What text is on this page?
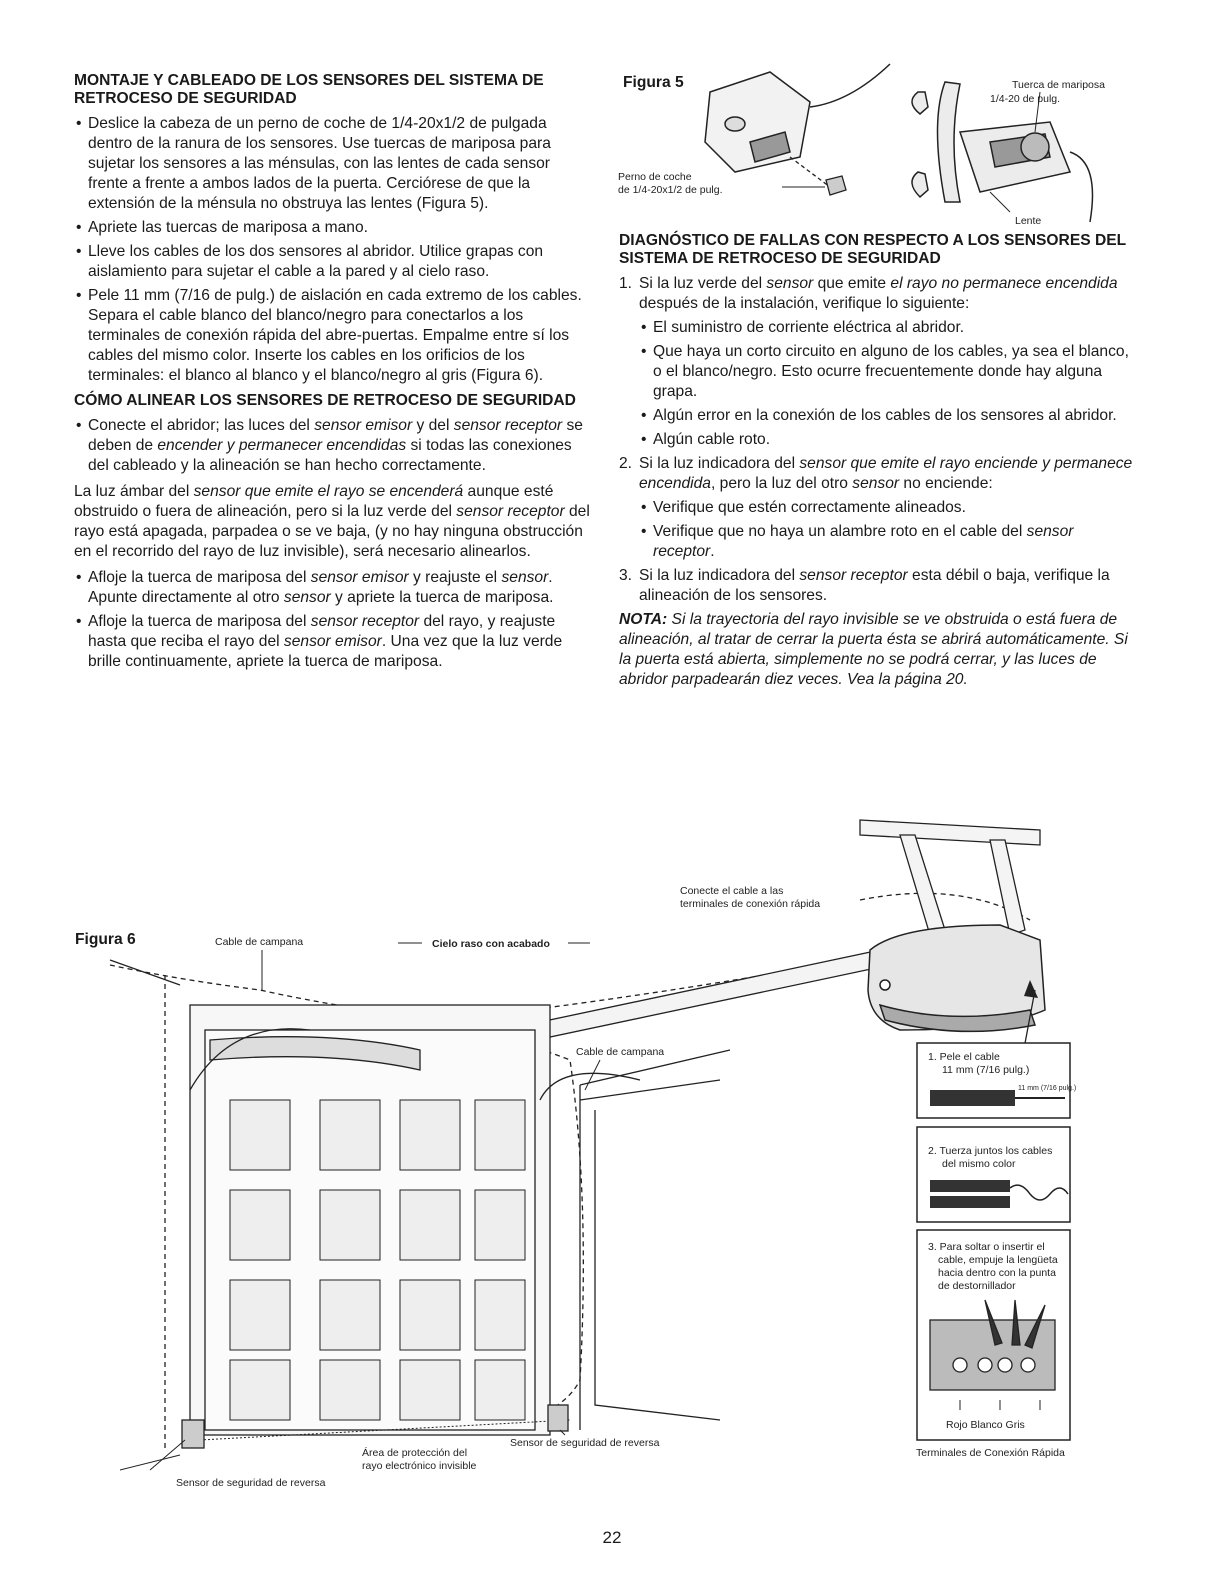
MONTAJE Y CABLEADO DE LOS SENSORES DEL SISTEMA DE RETROCESO DE SEGURIDAD
• Deslice la cabeza de un perno de coche de 1/4-20x1/2 de pulgada dentro de la ranura de los sensores. Use tuercas de mariposa para sujetar los sensores a las ménsulas, con las lentes de cada sensor frente a frente a ambos lados de la puerta. Cerciórese de que la extensión de la ménsula no obstruya las lentes (Figura 5).
• Apriete las tuercas de mariposa a mano.
• Lleve los cables de los dos sensores al abridor. Utilice grapas con aislamiento para sujetar el cable a la pared y al cielo raso.
• Pele 11 mm (7/16 de pulg.) de aislación en cada extremo de los cables. Separa el cable blanco del blanco/negro para conectarlos a los terminales de conexión rápida del abre-puertas. Empalme entre sí los cables del mismo color. Inserte los cables en los orificios de los terminales: el blanco al blanco y el blanco/negro al gris (Figura 6).
CÓMO ALINEAR LOS SENSORES DE RETROCESO DE SEGURIDAD
• Conecte el abridor; las luces del sensor emisor y del sensor receptor se deben de encender y permanecer encendidas si todas las conexiones del cableado y la alineación se han hecho correctamente.

La luz ámbar del sensor que emite el rayo se encenderá aunque esté obstruido o fuera de alineación, pero si la luz verde del sensor receptor del rayo está apagada, parpadea o se ve baja, (y no hay ninguna obstrucción en el recorrido del rayo de luz invisible), será necesario alinearlos.

• Afloje la tuerca de mariposa del sensor emisor y reajuste el sensor. Apunte directamente al otro sensor y apriete la tuerca de mariposa.
• Afloje la tuerca de mariposa del sensor receptor del rayo, y reajuste hasta que reciba el rayo del sensor emisor. Una vez que la luz verde brille continuamente, apriete la tuerca de mariposa.
Figura 5
Perno de coche
de 1/4-20x1/2 de pulg.
Tuerca de mariposa
1/4-20 de pulg.
Lente
DIAGNÓSTICO DE FALLAS CON RESPECTO A LOS SENSORES DEL SISTEMA DE RETROCESO DE SEGURIDAD
1. Si la luz verde del sensor que emite el rayo no permanece encendida después de la instalación, verifique lo siguiente:
• El suministro de corriente eléctrica al abridor.
• Que haya un corto circuito en alguno de los cables, ya sea el blanco, o el blanco/negro. Esto ocurre frecuentemente donde hay alguna grapa.
• Algún error en la conexión de los cables de los sensores al abridor.
• Algún cable roto.
2. Si la luz indicadora del sensor que emite el rayo enciende y permanece encendida, pero la luz del otro sensor no enciende:
• Verifique que estén correctamente alineados.
• Verifique que no haya un alambre roto en el cable del sensor receptor.
3. Si la luz indicadora del sensor receptor esta débil o baja, verifique la alineación de los sensores.

NOTA: Si la trayectoria del rayo invisible se ve obstruida o está fuera de alineación, al tratar de cerrar la puerta ésta se abrirá automáticamente. Si la puerta está abierta, simplemente no se podrá cerrar, y las luces de abridor parpadearán diez veces. Vea la página 20.

Figura 6	Cable de campana	Cielo raso con acabado
Conecte el cable a las
terminales de conexión rápida
Cable de campana
Sensor de seguridad de reversa
Área de protección del
rayo electrónico invisible
Sensor de seguridad de reversa
1. Pele el cable
11 mm (7/16 pulg.)
11 mm (7/16 pulg.)
2. Tuerza juntos los cables
del mismo color
3. Para soltar o insertir el
cable, empuje la lengüeta
hacia dentro con la punta
de destornillador
Rojo Blanco Gris
Terminales de Conexión Rápida
22
